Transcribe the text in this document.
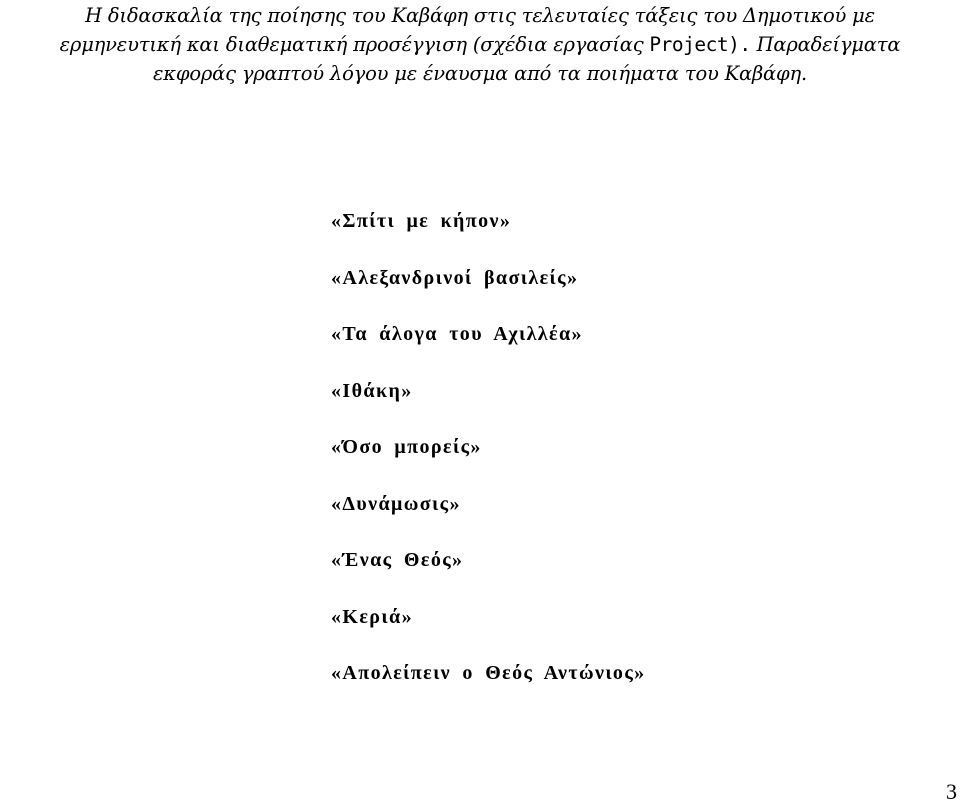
Η διδασκαλία της ποίησης του Καβάφη στις τελευταίες τάξεις του Δημοτικού με
ερμηνευτική και διαθεματική προσέγγιση (σχέδια εργασίας Project). Παραδείγματα
εκφοράς γραπτού λόγου με έναυσμα από τα ποιήματα του Καβάφη.

«Σπίτι με κήπον»
«Αλεξανδρινοί βασιλείς»
«Τα άλογα του Αχιλλέα»
«Ιθάκη»
«Όσο μπορείς»
«Δυνάμωσις»
«Ένας Θεός»
«Κεριά»
«Απολείπειν ο Θεός Αντώνιος»
3
